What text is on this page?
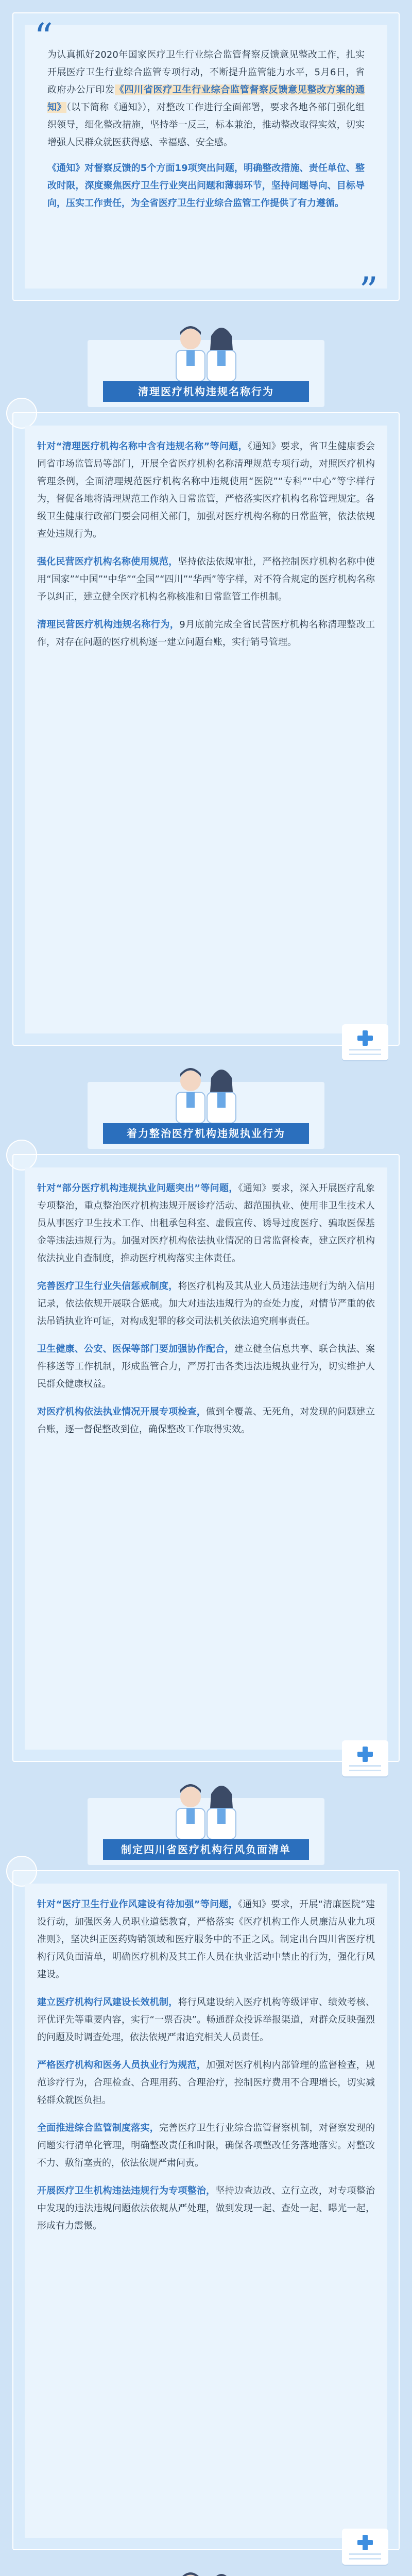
“
”

为认真抓好2020年国家医疗卫生行业综合监管督察反馈意见整改工作，扎实开展医疗卫生行业综合监管专项行动，不断提升监管能力水平，5月6日，省政府办公厅印发《四川省医疗卫生行业综合监管督察反馈意见整改方案的通知》（以下简称《通知》），对整改工作进行全面部署，要求各地各部门强化组织领导，细化整改措施，坚持举一反三，标本兼治，推动整改取得实效，切实增强人民群众就医获得感、幸福感、安全感。

《通知》对督察反馈的5个方面19项突出问题，明确整改措施、责任单位、整改时限，深度聚焦医疗卫生行业突出问题和薄弱环节，坚持问题导向、目标导向，压实工作责任，为全省医疗卫生行业综合监管工作提供了有力遵循。

清理医疗机构违规名称行为

针对“清理医疗机构名称中含有违规名称”等问题，《通知》要求，省卫生健康委会同省市场监管局等部门，开展全省医疗机构名称清理规范专项行动，对照医疗机构管理条例，全面清理规范医疗机构名称中违规使用“医院”“专科”“中心”等字样行为，督促各地将清理规范工作纳入日常监管，严格落实医疗机构名称管理规定。各级卫生健康行政部门要会同相关部门，加强对医疗机构名称的日常监管，依法依规查处违规行为。

强化民营医疗机构名称使用规范，坚持依法依规审批，严格控制医疗机构名称中使用“国家”“中国”“中华”“全国”“四川”“华西”等字样，对不符合规定的医疗机构名称予以纠正，建立健全医疗机构名称核准和日常监管工作机制。

清理民营医疗机构违规名称行为，9月底前完成全省民营医疗机构名称清理整改工作，对存在问题的医疗机构逐一建立问题台账，实行销号管理。

着力整治医疗机构违规执业行为

针对“部分医疗机构违规执业问题突出”等问题，《通知》要求，深入开展医疗乱象专项整治，重点整治医疗机构违规开展诊疗活动、超范围执业、使用非卫生技术人员从事医疗卫生技术工作、出租承包科室、虚假宣传、诱导过度医疗、骗取医保基金等违法违规行为。加强对医疗机构依法执业情况的日常监督检查，建立医疗机构依法执业自查制度，推动医疗机构落实主体责任。

完善医疗卫生行业失信惩戒制度，将医疗机构及其从业人员违法违规行为纳入信用记录，依法依规开展联合惩戒。加大对违法违规行为的查处力度，对情节严重的依法吊销执业许可证，对构成犯罪的移交司法机关依法追究刑事责任。

卫生健康、公安、医保等部门要加强协作配合，建立健全信息共享、联合执法、案件移送等工作机制，形成监管合力，严厉打击各类违法违规执业行为，切实维护人民群众健康权益。

对医疗机构依法执业情况开展专项检查，做到全覆盖、无死角，对发现的问题建立台账，逐一督促整改到位，确保整改工作取得实效。

制定四川省医疗机构行风负面清单

针对“医疗卫生行业作风建设有待加强”等问题，《通知》要求，开展“清廉医院”建设行动，加强医务人员职业道德教育，严格落实《医疗机构工作人员廉洁从业九项准则》，坚决纠正医药购销领域和医疗服务中的不正之风。制定出台四川省医疗机构行风负面清单，明确医疗机构及其工作人员在执业活动中禁止的行为，强化行风建设。

建立医疗机构行风建设长效机制，将行风建设纳入医疗机构等级评审、绩效考核、评优评先等重要内容，实行“一票否决”。畅通群众投诉举报渠道，对群众反映强烈的问题及时调查处理，依法依规严肃追究相关人员责任。

严格医疗机构和医务人员执业行为规范，加强对医疗机构内部管理的监督检查，规范诊疗行为，合理检查、合理用药、合理治疗，控制医疗费用不合理增长，切实减轻群众就医负担。

全面推进综合监管制度落实，完善医疗卫生行业综合监管督察机制，对督察发现的问题实行清单化管理，明确整改责任和时限，确保各项整改任务落地落实。对整改不力、敷衍塞责的，依法依规严肃问责。

开展医疗卫生机构违法违规行为专项整治，坚持边查边改、立行立改，对专项整治中发现的违法违规问题依法依规从严处理，做到发现一起、查处一起、曝光一起，形成有力震慑。
